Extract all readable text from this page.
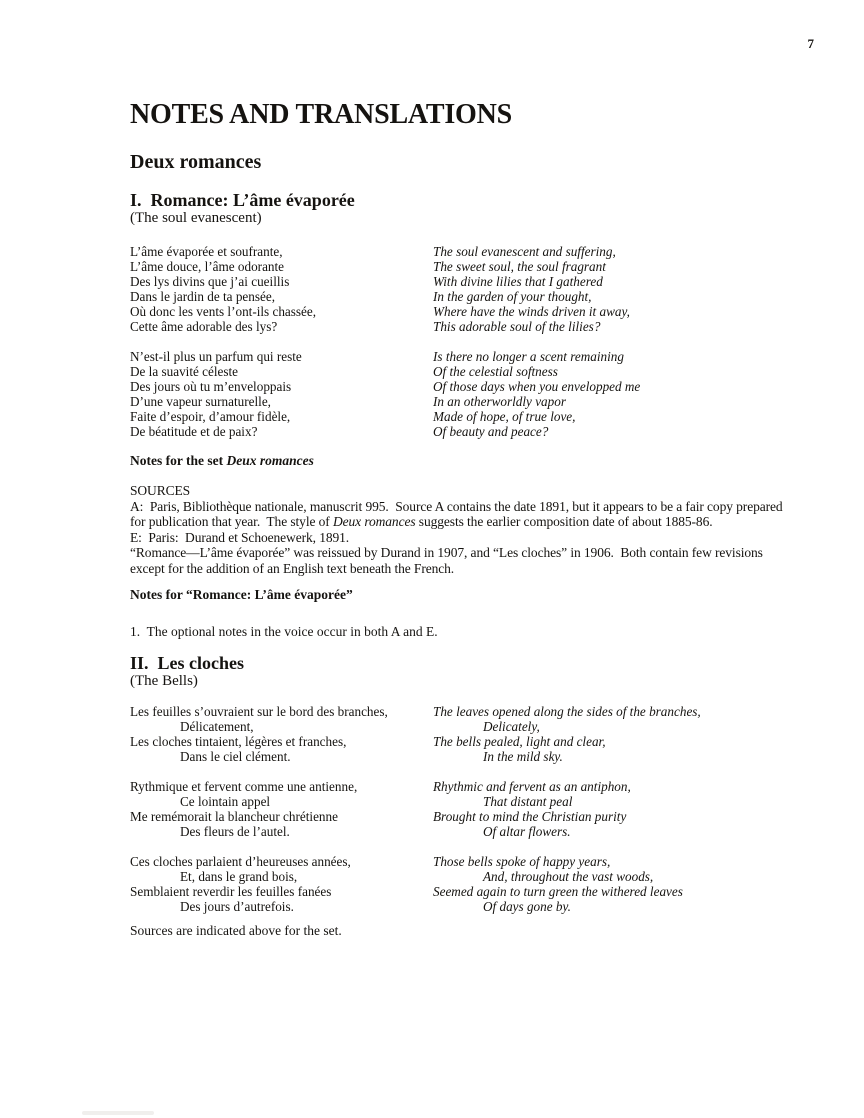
7
NOTES AND TRANSLATIONS
Deux romances
I.  Romance: L’âme évaporée
(The soul evanescent)
L’âme évaporée et soufrante,
L’âme douce, l’âme odorante
Des lys divins que j’ai cueillis
Dans le jardin de ta pensée,
Où donc les vents l’ont-ils chassée,
Cette âme adorable des lys?
N’est-il plus un parfum qui reste
De la suavité céleste
Des jours où tu m’enveloppais
D’une vapeur surnaturelle,
Faite d’espoir, d’amour fidèle,
De béatitude et de paix?
The soul evanescent and suffering,
The sweet soul, the soul fragrant
With divine lilies that I gathered
In the garden of your thought,
Where have the winds driven it away,
This adorable soul of the lilies?
Is there no longer a scent remaining
Of the celestial softness
Of those days when you envelopped me
In an otherworldly vapor
Made of hope, of true love,
Of beauty and peace?
Notes for the set Deux romances

SOURCES

A:  Paris, Bibliothèque nationale, manuscrit 995.  Source A contains the date 1891, but it appears to be a fair copy prepared for publication that year.  The style of Deux romances suggests the earlier composition date of about 1885-86.

E:  Paris:  Durand et Schoenewerk, 1891.

“Romance—L’âme évaporée” was reissued by Durand in 1907, and “Les cloches” in 1906.  Both contain few revisions except for the addition of an English text beneath the French.

Notes for “Romance: L’âme évaporée”

1.  The optional notes in the voice occur in both A and E.

II.  Les cloches
(The Bells)
Les feuilles s’ouvraient sur le bord des branches,
Délicatement,
Les cloches tintaient, légères et franches,
Dans le ciel clément.
Rythmique et fervent comme une antienne,
Ce lointain appel
Me remémorait la blancheur chrétienne
Des fleurs de l’autel.
Ces cloches parlaient d’heureuses années,
Et, dans le grand bois,
Semblaient reverdir les feuilles fanées
Des jours d’autrefois.
The leaves opened along the sides of the branches,
Delicately,
The bells pealed, light and clear,
In the mild sky.
Rhythmic and fervent as an antiphon,
That distant peal
Brought to mind the Christian purity
Of altar flowers.
Those bells spoke of happy years,
And, throughout the vast woods,
Seemed again to turn green the withered leaves
Of days gone by.

Sources are indicated above for the set.
